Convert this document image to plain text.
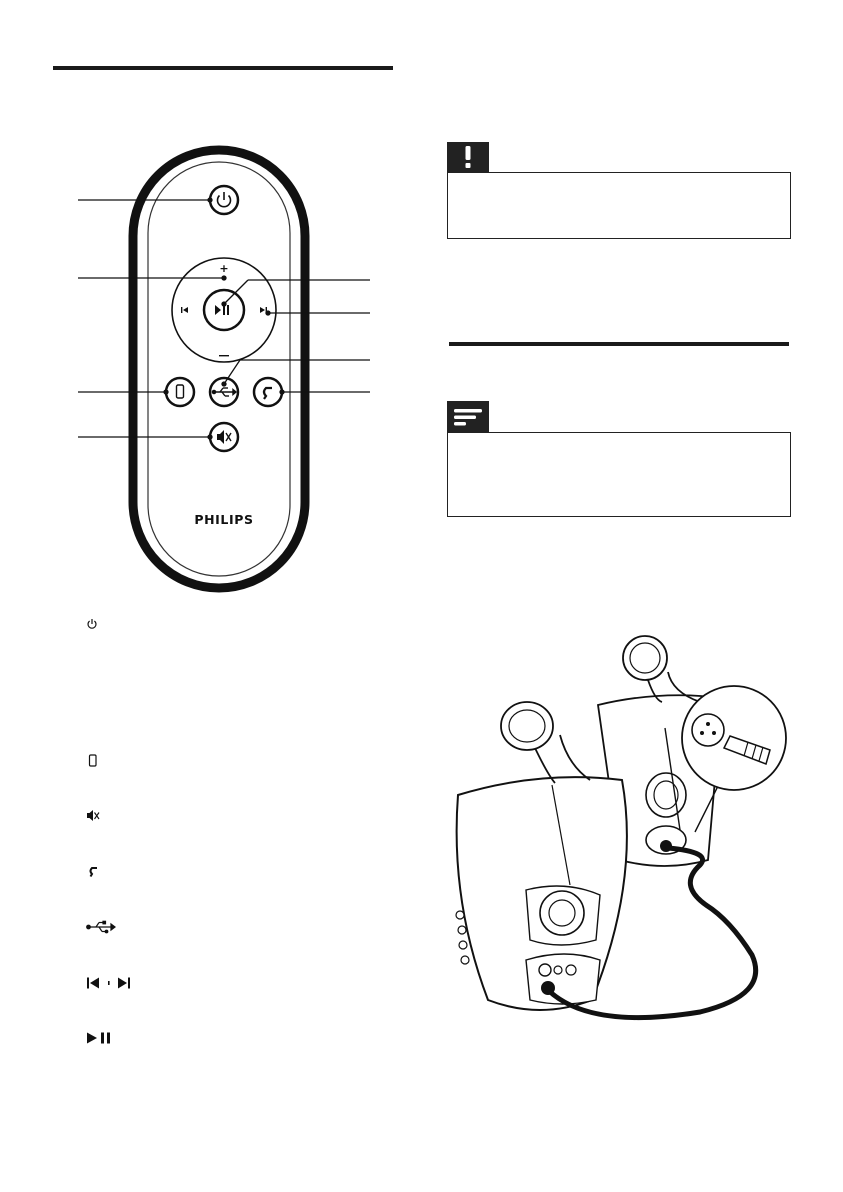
+
PHILIPS
